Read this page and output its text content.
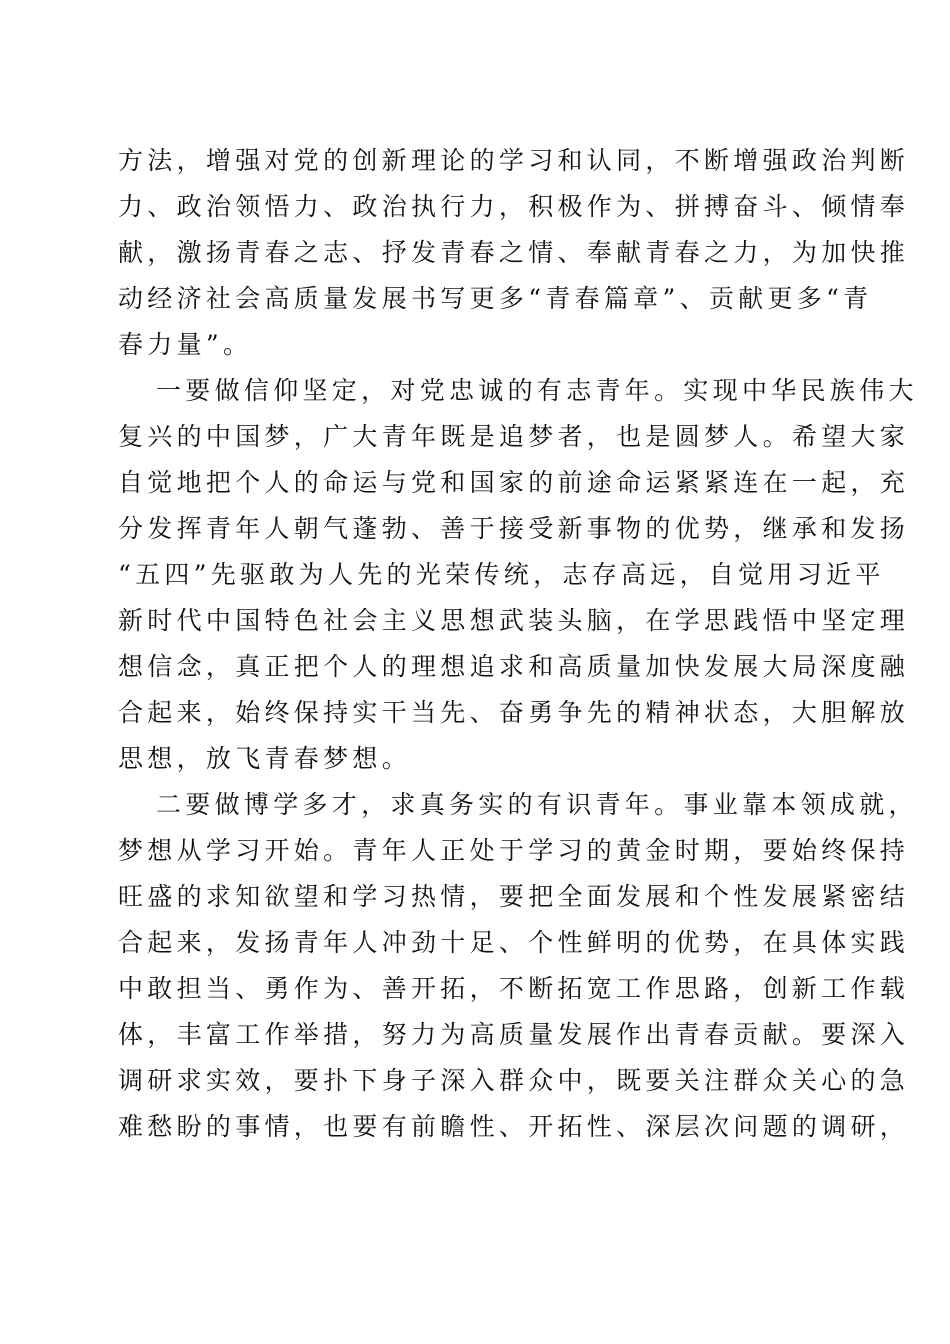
方法，增强对党的创新理论的学习和认同，不断增强政治判断
力、政治领悟力、政治执行力，积极作为、拼搏奋斗、倾情奉
献，激扬青春之志、抒发青春之情、奉献青春之力，为加快推
动经济社会高质量发展书写更多“青春篇章”、贡献更多“青
春力量”。
一要做信仰坚定，对党忠诚的有志青年。实现中华民族伟大
复兴的中国梦，广大青年既是追梦者，也是圆梦人。希望大家
自觉地把个人的命运与党和国家的前途命运紧紧连在一起，充
分发挥青年人朝气蓬勃、善于接受新事物的优势，继承和发扬
“五四”先驱敢为人先的光荣传统，志存高远，自觉用习近平
新时代中国特色社会主义思想武装头脑，在学思践悟中坚定理
想信念，真正把个人的理想追求和高质量加快发展大局深度融
合起来，始终保持实干当先、奋勇争先的精神状态，大胆解放
思想，放飞青春梦想。
二要做博学多才，求真务实的有识青年。事业靠本领成就，
梦想从学习开始。青年人正处于学习的黄金时期，要始终保持
旺盛的求知欲望和学习热情，要把全面发展和个性发展紧密结
合起来，发扬青年人冲劲十足、个性鲜明的优势，在具体实践
中敢担当、勇作为、善开拓，不断拓宽工作思路，创新工作载
体，丰富工作举措，努力为高质量发展作出青春贡献。要深入
调研求实效，要扑下身子深入群众中，既要关注群众关心的急
难愁盼的事情，也要有前瞻性、开拓性、深层次问题的调研，
